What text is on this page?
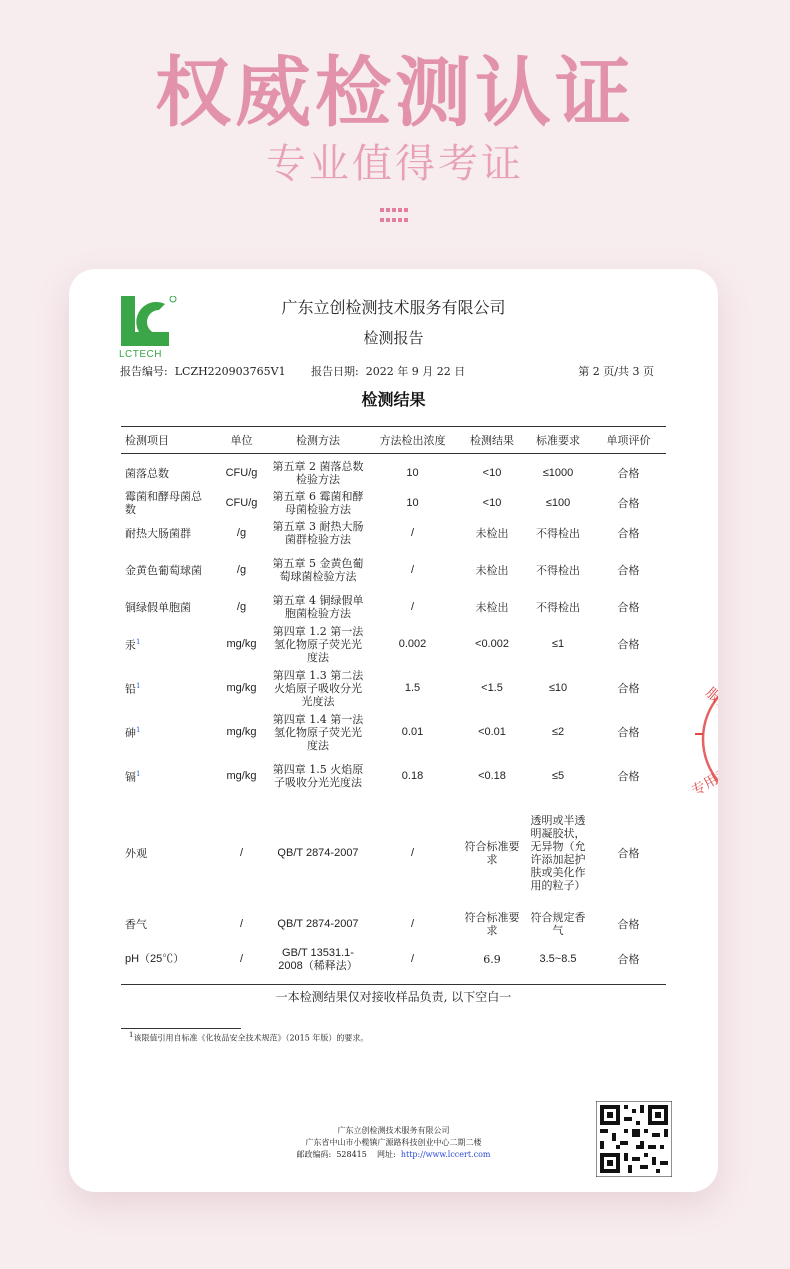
权威检测认证
专业值得考证
LCTECH
广东立创检测技术服务有限公司
检测报告
报告编号: LCZH220903765V1 报告日期: 2022 年 9 月 22 日	第 2 页/共 3 页
检测结果
检测项目	单位	检测方法	方法检出浓度	检测结果	标准要求	单项评价
菌落总数	CFU/g	第五章 2 菌落总数检验方法	10	<10	≤1000	合格
霉菌和酵母菌总数	CFU/g	第五章 6 霉菌和酵母菌检验方法	10	<10	≤100	合格
耐热大肠菌群	/g	第五章 3 耐热大肠菌群检验方法	/	未检出	不得检出	合格
金黄色葡萄球菌	/g	第五章 5 金黄色葡萄球菌检验方法	/	未检出	不得检出	合格
铜绿假单胞菌	/g	第五章 4 铜绿假单胞菌检验方法	/	未检出	不得检出	合格
汞$^1$	mg/kg	第四章 1.2 第一法 氢化物原子荧光光度法	0.002	<0.002	≤1	合格
铅$^1$	mg/kg	第四章 1.3 第二法 火焰原子吸收分光光度法	1.5	<1.5	≤10	合格
砷$^1$	mg/kg	第四章 1.4 第一法 氢化物原子荧光光度法	0.01	<0.01	≤2	合格
镉$^1$	mg/kg	第四章 1.5 火焰原子吸收分光光度法	0.18	<0.18	≤5	合格
外观	/	QB/T 2874-2007	/	符合标准要求	透明或半透明凝胶状，无异物（允许添加起护肤或美化作用的粒子）	合格
香气	/	QB/T 2874-2007	/	符合标准要求	符合规定香气	合格
pH（25℃）	/	GB/T 13531.1-2008（稀释法）	/	6.9	3.5~8.5	合格
一本检测结果仅对接收样品负责, 以下空白一
$^1$该限值引用自标准《化妆品安全技术规范》（2015 年版）的要求。
广东立创检测技术服务有限公司
广东省中山市小榄镇广源路科技创业中心二期二楼
邮政编码: 528415 网址: http://www.lccert.com
服务有
专用章
